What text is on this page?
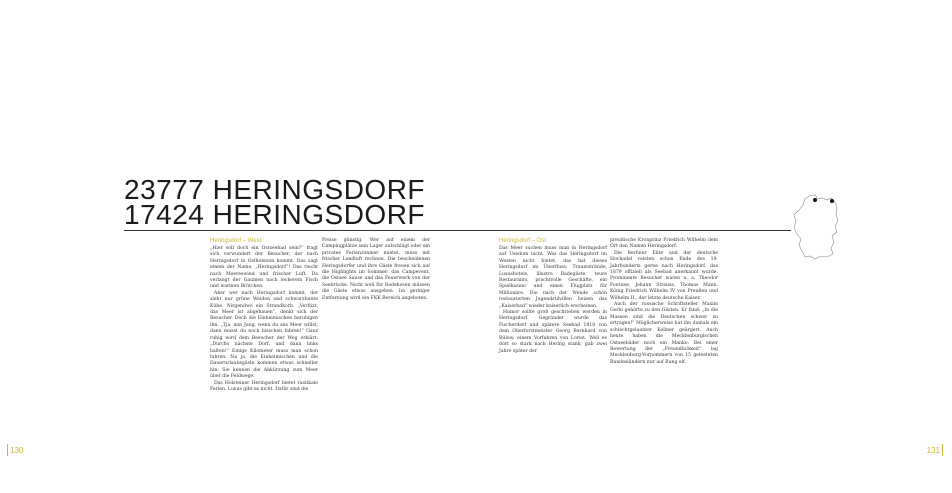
23777 HERINGSDORF
17424 HERINGSDORF
Heringsdorf – West

„Hier soll doch ein Ostseebad sein?“ fragt sich verwundert der Besucher, der nach Heringsdorf in Ostholstein kommt. Das sagt einem der Name, „Heringsdorf“! Das riecht nach Meereswind und frischer Luft. Da verlangt der Gaumen nach leckerem Fisch und warmen Brötchen.

Aber wer nach Heringsdorf kommt, der sieht nur grüne Weiden und schwarzbunte Kühe. Nirgendwo ein Strandkorb. „Verflixt, das Meer ist abgehauen“, denkt sich der Besucher. Doch die Einheimischen beruhigen ihn. „Tja, min Jung, wenn du ans Meer willst, dann musst du noch bisschen fahren!“ Ganz ruhig wird dem Besucher der Weg erklärt: „Durchs nächste Dorf, und dann links halten!“ Einige Kilometer muss man schon fahren. Na ja, die Einheimischen und die Dauerurlaubsgäste kommen etwas schneller hin: Sie kennen die Abkürzung zum Meer über die Feldwege.

Das Holsteiner Heringsdorf bietet rustikale Ferien. Luxus gibt es nicht. Dafür sind die

Preise günstig. Wer auf einem der Campingplätze sein Lager aufschlägt oder ein privates Ferienzimmer mietet, muss mit frischer Landluft rechnen. Die bescheidenen Heringsdorfer und ihre Gäste freuen sich auf die Highlights im Sommer: das Campevent, die Ostsee Sause und das Feuerwerk von der Seebrücke. Nicht weil für Badehosen müssen die Gäste etwas ausgeben. Im geringer Entfernung wird ein FKK Bereich angeboten.

Heringsdorf – Ost

Das Meer suchen muss man in Heringsdorf auf Usedom nicht. Was das Heringsdorf im Westen nicht bietet, das hat dieses Heringsdorf im Überfluss: Traumstrände, Luxushotels, illustre Badegäste, teure Restaurants, prachtvolle Geschäfte, ein Spielkasino und einen Flugplatz für Millionäre. Die nach der Wende schön restaurierten Jugendstilvillen heizen das „Kaiserbad“ wieder kaiserlich erscheinen.

Humor sollte groß geschrieben werden in Heringsdorf. Gegründet wurde das Fischerdorf und spätere Seebad 1818 von dem Oberforstmeister Georg Bernhard von Bülow, einem Vorfahren von Loriot. Weil es dort so stark nach Hering stank, gab zwei Jahre später der

preußische Kronprinz Friedrich Wilhelm dem Ort den Namen Heringsdorf.

Die Berliner Elite und der deutsche Hochadel reisten schon Ende des 19. Jahrhunderts gerne nach Heringsdorf, das 1879 offiziell als Seebad anerkannt wurde. Prominente Besucher waren u. a. Theodor Fontane, Johann Strauss, Thomas Mann, König Friedrich Wilhelm IV von Preußen und Wilhelm II., der letzte deutsche Kaiser.

Auch der russische Schriftsteller Maxim Gorki gehörte zu den Gästen. Er fand: „In die Massen sind die Deutschen schwer zu ertragen!“ Möglicherweise hat ihn damals ein schlechtgelaunter Kellner geärgert. Auch heute haben die Mecklenburgischen Ostseebäder noch ein Manko: Bei einer Bewertung der „Freundlichkeit“ lag Mecklenburg-Vorpommern von 15 getesteten Bundesländern nur auf Rang elf.

130	131
